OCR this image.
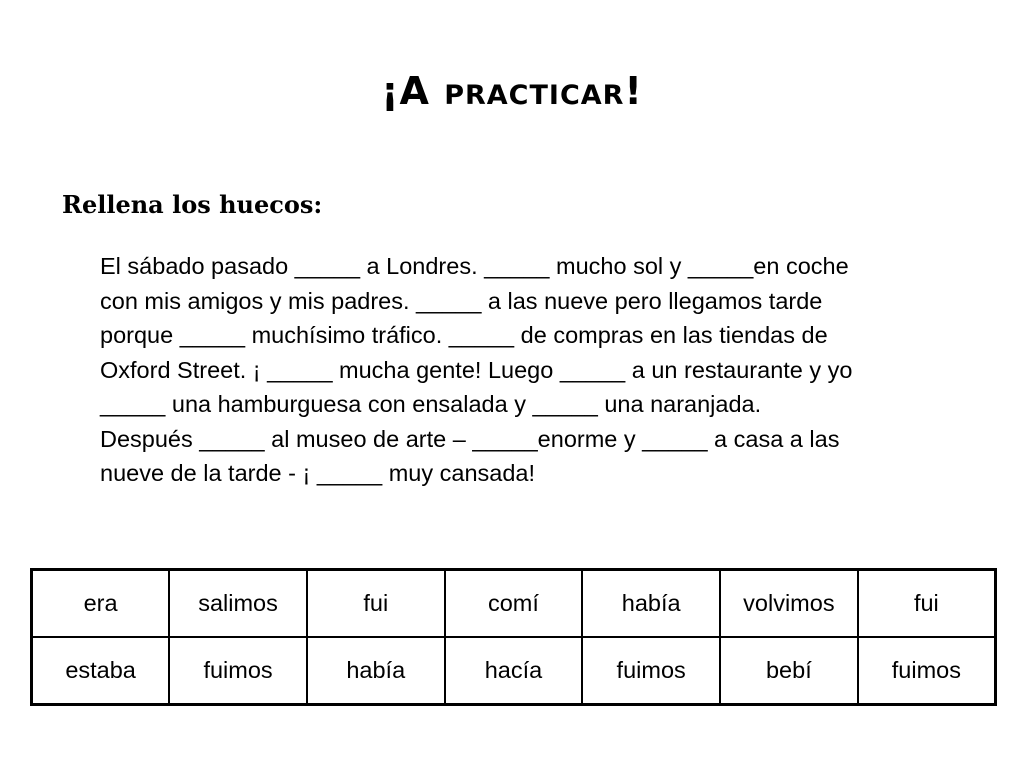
¡A practicar!
Rellena los huecos:
El sábado pasado _____ a Londres. _____ mucho sol y _____en coche
con mis amigos y mis padres. _____ a las nueve pero llegamos tarde
porque _____ muchísimo tráfico. _____ de compras en las tiendas de
Oxford Street. ¡ _____ mucha gente! Luego _____ a un restaurante y yo
_____ una hamburguesa con ensalada y _____ una naranjada.
Después _____ al museo de arte – _____enorme y _____ a casa a las
nueve de la tarde - ¡ _____ muy cansada!
era	salimos	fui	comí	había	volvimos	fui
estaba	fuimos	había	hacía	fuimos	bebí	fuimos
